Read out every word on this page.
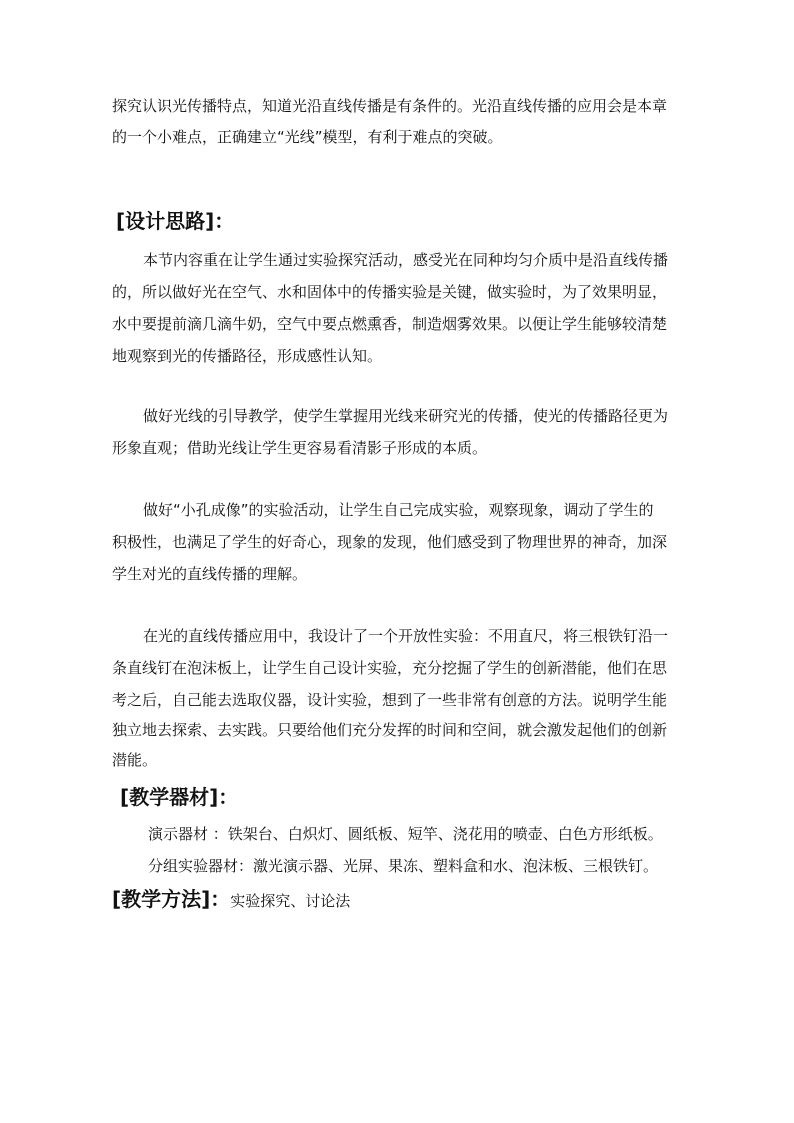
探究认识光传播特点，知道光沿直线传播是有条件的。光沿直线传播的应用会是本章

的一个小难点，正确建立“光线”模型，有利于难点的突破。

[设计思路]：

本节内容重在让学生通过实验探究活动，感受光在同种均匀介质中是沿直线传播

的，所以做好光在空气、水和固体中的传播实验是关键，做实验时，为了效果明显，

水中要提前滴几滴牛奶，空气中要点燃熏香，制造烟雾效果。以便让学生能够较清楚

地观察到光的传播路径，形成感性认知。

做好光线的引导教学，使学生掌握用光线来研究光的传播，使光的传播路径更为

形象直观；借助光线让学生更容易看清影子形成的本质。

做好“小孔成像”的实验活动，让学生自己完成实验，观察现象，调动了学生的

积极性，也满足了学生的好奇心，现象的发现，他们感受到了物理世界的神奇，加深

学生对光的直线传播的理解。

在光的直线传播应用中，我设计了一个开放性实验：不用直尺，将三根铁钉沿一

条直线钉在泡沫板上，让学生自己设计实验，充分挖掘了学生的创新潜能，他们在思

考之后，自己能去选取仪器，设计实验，想到了一些非常有创意的方法。说明学生能

独立地去探索、去实践。只要给他们充分发挥的时间和空间，就会激发起他们的创新

潜能。

[教学器材]：

演示器材 ：铁架台、白炽灯、圆纸板、短竿、浇花用的喷壶、白色方形纸板。

分组实验器材：激光演示器、光屏、果冻、塑料盒和水、泡沫板、三根铁钉。

[教学方法]：实验探究、讨论法
